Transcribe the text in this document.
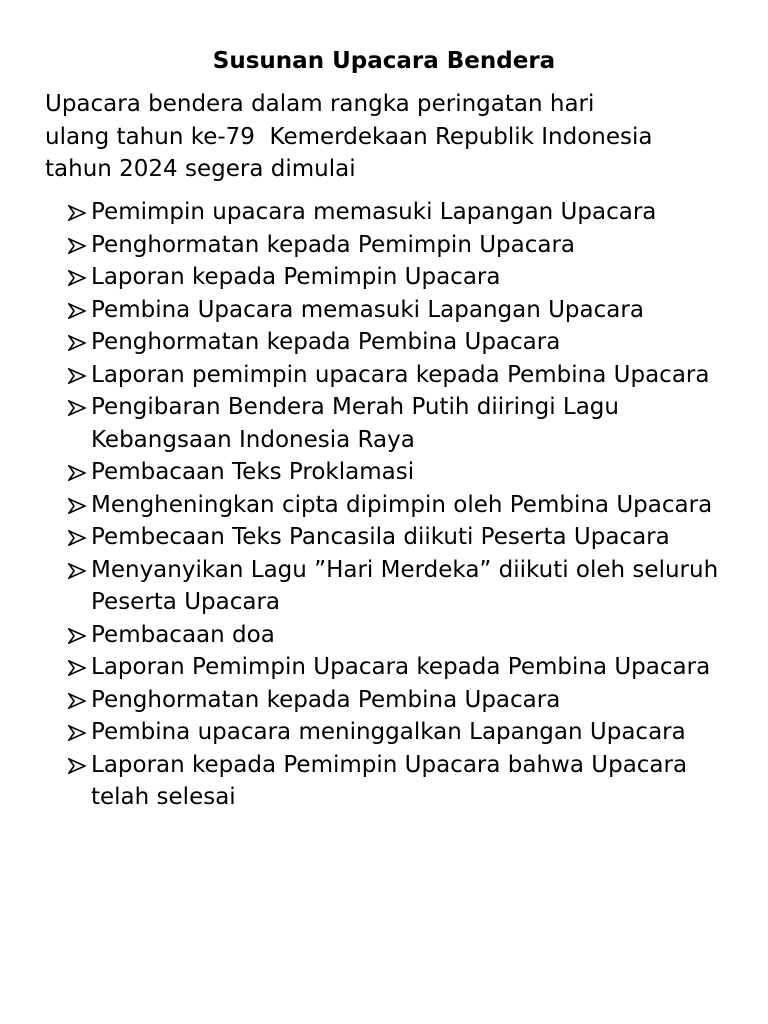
Susunan Upacara Bendera
Upacara bendera dalam rangka peringatan hari
ulang tahun ke-79  Kemerdekaan Republik Indonesia
tahun 2024 segera dimulai
Pemimpin upacara memasuki Lapangan Upacara
Penghormatan kepada Pemimpin Upacara
Laporan kepada Pemimpin Upacara
Pembina Upacara memasuki Lapangan Upacara
Penghormatan kepada Pembina Upacara
Laporan pemimpin upacara kepada Pembina Upacara
Pengibaran Bendera Merah Putih diiringi Lagu Kebangsaan Indonesia Raya
Pembacaan Teks Proklamasi
Mengheningkan cipta dipimpin oleh Pembina Upacara
Pembecaan Teks Pancasila diikuti Peserta Upacara
Menyanyikan Lagu ”Hari Merdeka” diikuti oleh seluruh Peserta Upacara
Pembacaan doa
Laporan Pemimpin Upacara kepada Pembina Upacara
Penghormatan kepada Pembina Upacara
Pembina upacara meninggalkan Lapangan Upacara
Laporan kepada Pemimpin Upacara bahwa Upacara telah selesai
